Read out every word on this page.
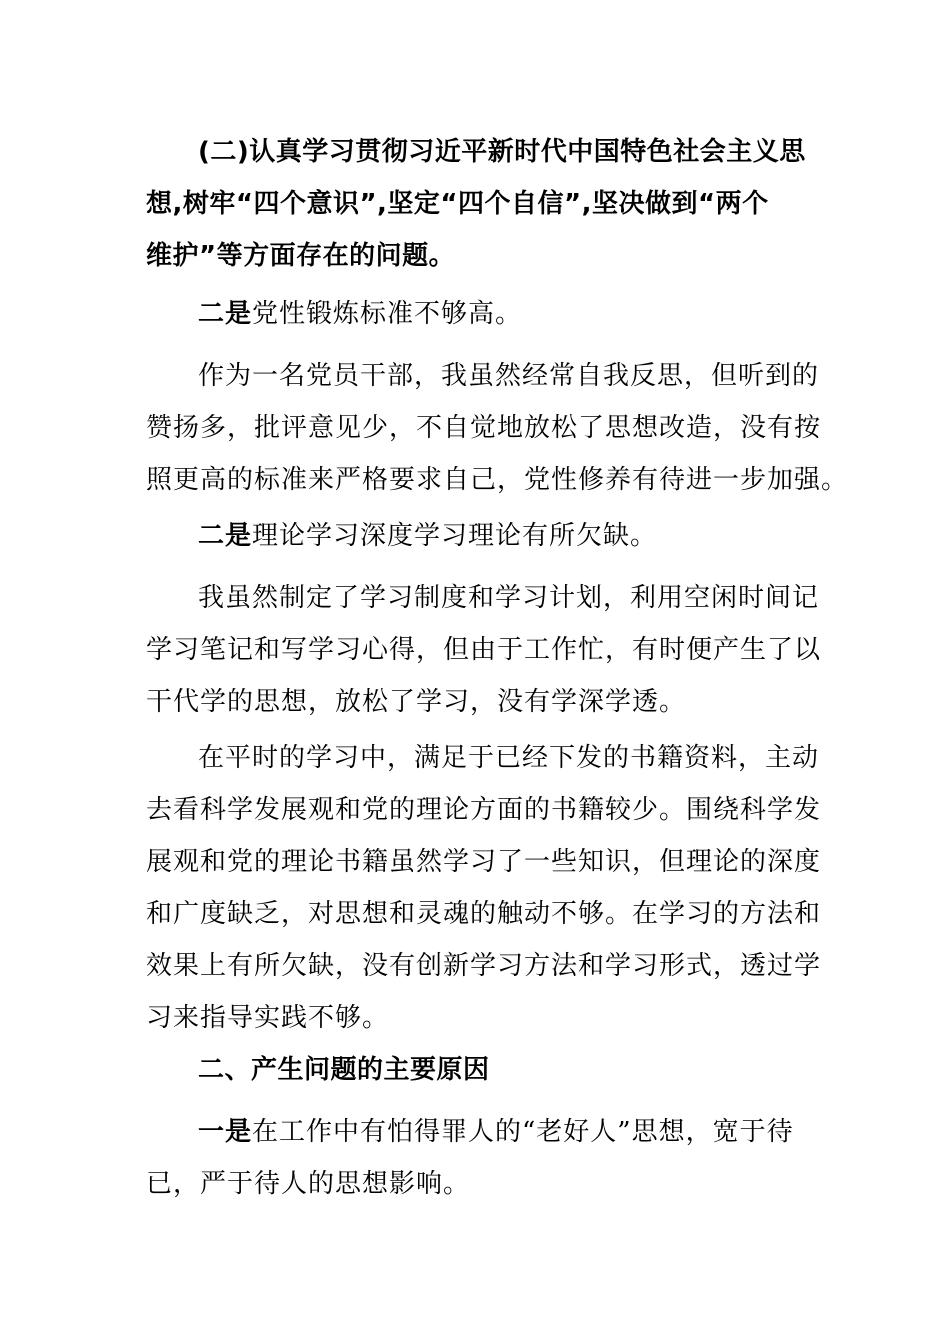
(二)认真学习贯彻习近平新时代中国特色社会主义思
想,树牢“四个意识”,坚定“四个自信”,坚决做到“两个
维护”等方面存在的问题。
二是党性锻炼标准不够高。
作为一名党员干部，我虽然经常自我反思，但听到的
赞扬多，批评意见少，不自觉地放松了思想改造，没有按
照更高的标准来严格要求自己，党性修养有待进一步加强。
二是理论学习深度学习理论有所欠缺。
我虽然制定了学习制度和学习计划，利用空闲时间记
学习笔记和写学习心得，但由于工作忙，有时便产生了以
干代学的思想，放松了学习，没有学深学透。
在平时的学习中，满足于已经下发的书籍资料，主动
去看科学发展观和党的理论方面的书籍较少。围绕科学发
展观和党的理论书籍虽然学习了一些知识，但理论的深度
和广度缺乏，对思想和灵魂的触动不够。在学习的方法和
效果上有所欠缺，没有创新学习方法和学习形式，透过学
习来指导实践不够。
二、产生问题的主要原因
一是在工作中有怕得罪人的“老好人”思想，宽于待
已，严于待人的思想影响。
